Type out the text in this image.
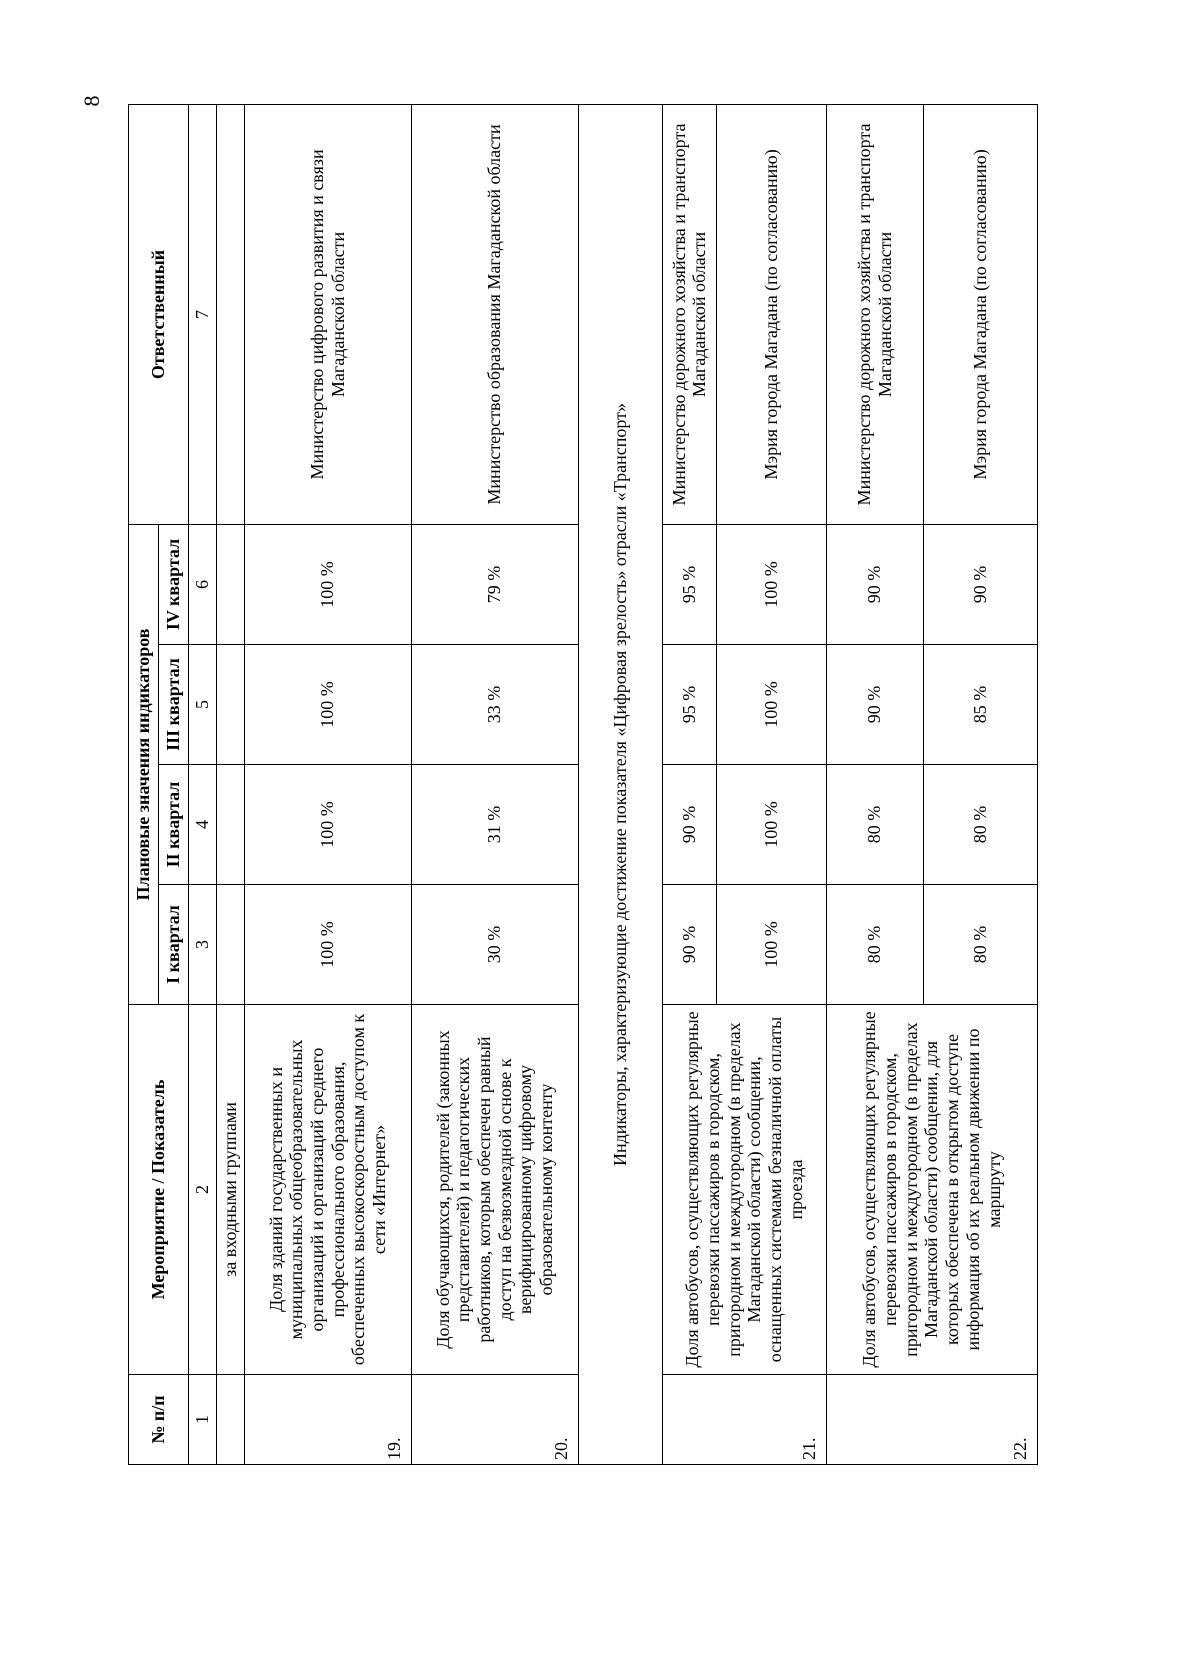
8
№ п/п	Мероприятие / Показатель	Плановые значения индикаторов				Ответственный
		I квартал	II квартал	III квартал	IV квартал	
1	2	3	4	5	6	7
	за входными группами					
19.	Доля зданий государственных и муниципальных общеобразовательных организаций и организаций среднего профессионального образования, обеспеченных высокоскоростным доступом к сети «Интернет»	100 %	100 %	100 %	100 %	Министерство цифрового развития и связи Магаданской области
20.	Доля обучающихся, родителей (законных представителей) и педагогических работников, которым обеспечен равный доступ на безвозмездной основе к верифицированному цифровому образовательному контенту	30 %	31 %	33 %	79 %	Министерство образования Магаданской области
Индикаторы, характеризующие достижение показателя «Цифровая зрелость» отрасли «Транспорт»						
21.	Доля автобусов, осуществляющих регулярные перевозки пассажиров в городском, пригородном и междугородном (в пределах Магаданской области) сообщении, оснащенных системами безналичной оплаты проезда	90 %	90 %	95 %	95 %	Министерство дорожного хозяйства и транспорта Магаданской области
		100 %	100 %	100 %	100 %	Мэрия города Магадана (по согласованию)
22.	Доля автобусов, осуществляющих регулярные перевозки пассажиров в городском, пригородном и междугородном (в пределах Магаданской области) сообщении, для которых обеспечена в открытом доступе информация об их реальном движении по маршруту	80 %	80 %	90 %	90 %	Министерство дорожного хозяйства и транспорта Магаданской области
		80 %	80 %	85 %	90 %	Мэрия города Магадана (по согласованию)
